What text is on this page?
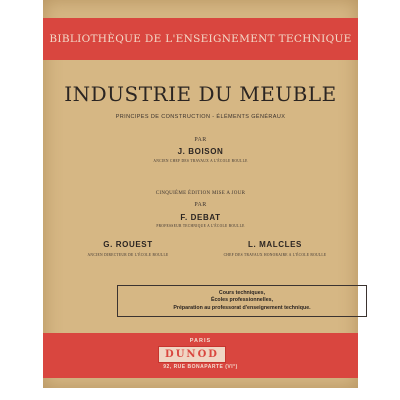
BIBLIOTHÈQUE DE L'ENSEIGNEMENT TECHNIQUE
INDUSTRIE DU MEUBLE
PRINCIPES DE CONSTRUCTION - ÉLÉMENTS GÉNÉRAUX
PAR
J. BOISON
ANCIEN CHEF DES TRAVAUX A L'ÉCOLE BOULLE
CINQUIÈME ÉDITION MISE A JOUR
PAR
F. DEBAT
PROFESSEUR TECHNIQUE A L'ÉCOLE BOULLE
G. ROUEST
ANCIEN DIRECTEUR DE L'ÉCOLE BOULLE
L. MALCLES
CHEF DES TRAVAUX HONORAIRE A L'ÉCOLE BOULLE
Cours techniques,
Écoles professionnelles,
Préparation au professorat d'enseignement technique.
PARIS
DUNOD
92, RUE BONAPARTE (VI°)
